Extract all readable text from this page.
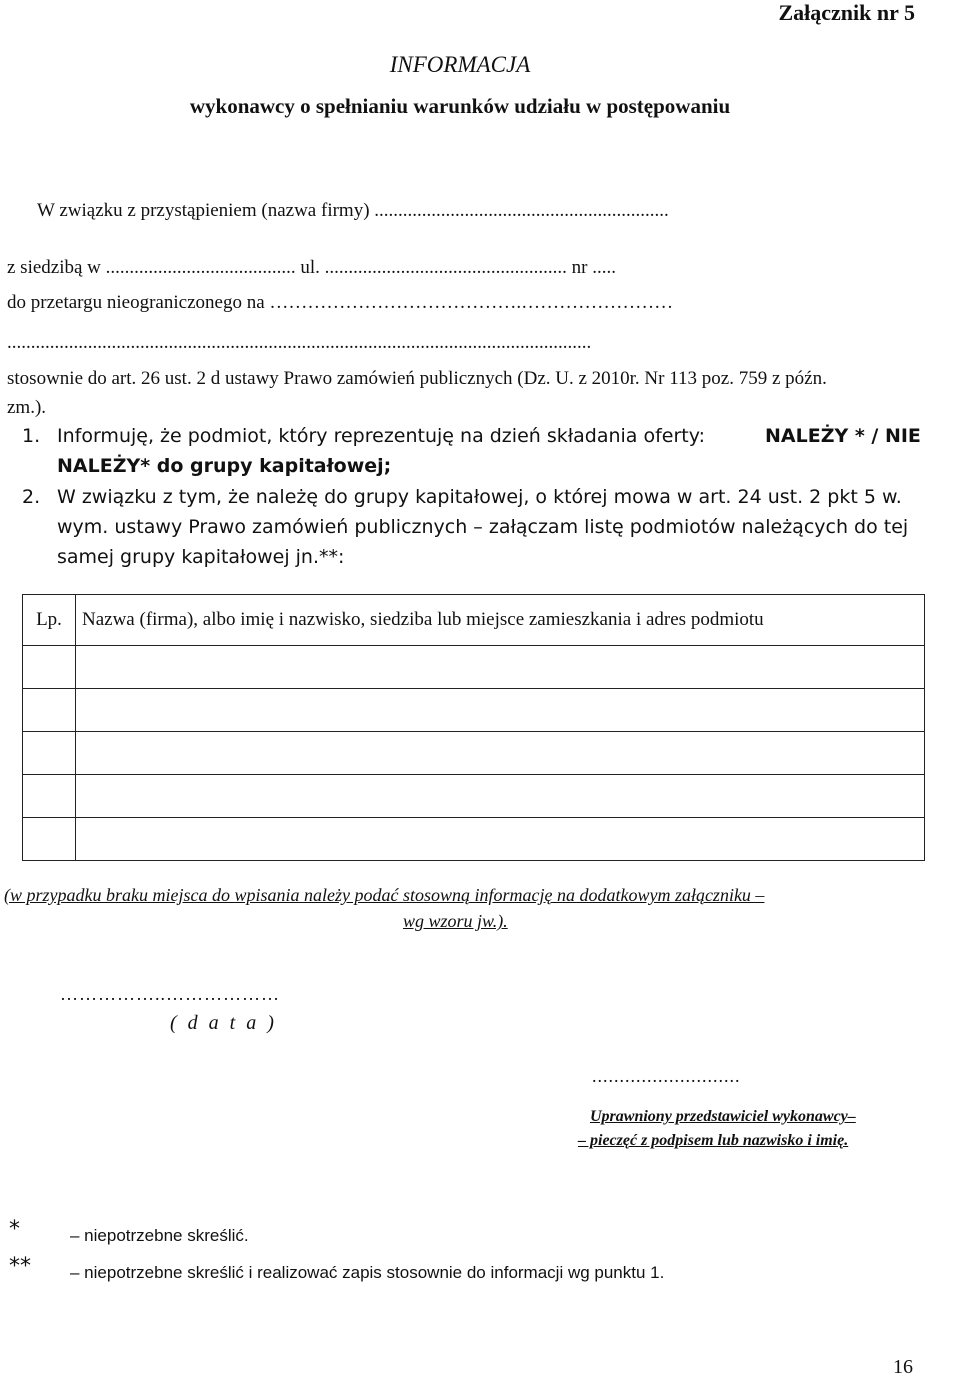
Załącznik nr 5
INFORMACJA
wykonawcy o spełnianiu warunków udziału w postępowaniu
W związku z przystąpieniem (nazwa firmy) ..............................................................
z siedzibą w ........................................ ul. ................................................... nr .....
do przetargu nieograniczonego na ………………………………….……………………
...........................................................................................................................
stosownie do art. 26 ust. 2 d ustawy Prawo zamówień publicznych (Dz. U. z 2010r. Nr 113 poz. 759 z późn.
zm.).
1. Informuję, że podmiot, który reprezentuję na dzień składania oferty:	NALEŻY * / NIE
NALEŻY* do grupy kapitałowej;
2. W związku z tym, że należę do grupy kapitałowej, o której mowa w art. 24 ust. 2 pkt 5 w.
wym. ustawy Prawo zamówień publicznych – załączam listę podmiotów należących do tej
samej grupy kapitałowej jn.**:
Lp.	Nazwa (firma), albo imię i nazwisko, siedziba lub miejsce zamieszkania i adres podmiotu

(w przypadku braku miejsca do wpisania należy podać stosowną informację na dodatkowym załączniku –
wg wzoru jw.).
……………..………………
( d a t a )
...........................
Uprawniony przedstawiciel wykonawcy–
– pieczęć z podpisem lub nazwisko i imię.
*	– niepotrzebne skreślić.
** – niepotrzebne skreślić i realizować zapis stosownie do informacji wg punktu 1.
16
